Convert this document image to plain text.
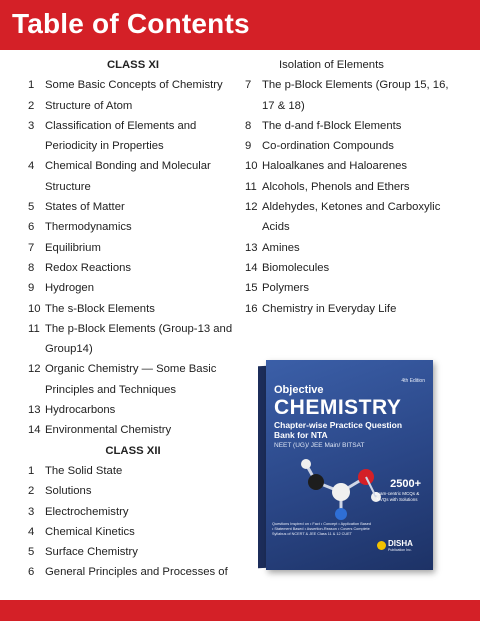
Table of Contents
CLASS XI
1 Some Basic Concepts of Chemistry
2 Structure of Atom
3 Classification of Elements and
Periodicity in Properties
4 Chemical Bonding and Molecular
Structure
5 States of Matter
6 Thermodynamics
7 Equilibrium
8 Redox Reactions
9 Hydrogen
10 The s-Block Elements
11 The p-Block Elements (Group-13 and
Group14)
12 Organic Chemistry — Some Basic
Principles and Techniques
13 Hydrocarbons
14 Environmental Chemistry
CLASS XII
1 The Solid State
2 Solutions
3 Electrochemistry
4 Chemical Kinetics
5 Surface Chemistry
6 General Principles and Processes of
Isolation of Elements
7 The p-Block Elements (Group 15, 16,
17 & 18)
8 The d-and f-Block Elements
9 Co-ordination Compounds
10 Haloalkanes and Haloarenes
11 Alcohols, Phenols and Ethers
12 Aldehydes, Ketones and Carboxylic
Acids
13 Amines
14 Biomolecules
15 Polymers
16 Chemistry in Everyday Life
4th Edition
Objective
CHEMISTRY
Chapter-wise Practice Question Bank for NTA
NEET (UG)/ JEE Main/ BITSAT
2500+
Exam-centric MCQs & NVQs with Solutions
Questions Inspired on • Fact • Concept • Application Based • Statement Based • Assertion-Reason • Covers Complete Syllabus of NCERT & JEE Class 11 & 12 CUET
DISHA
Publication Inc.
